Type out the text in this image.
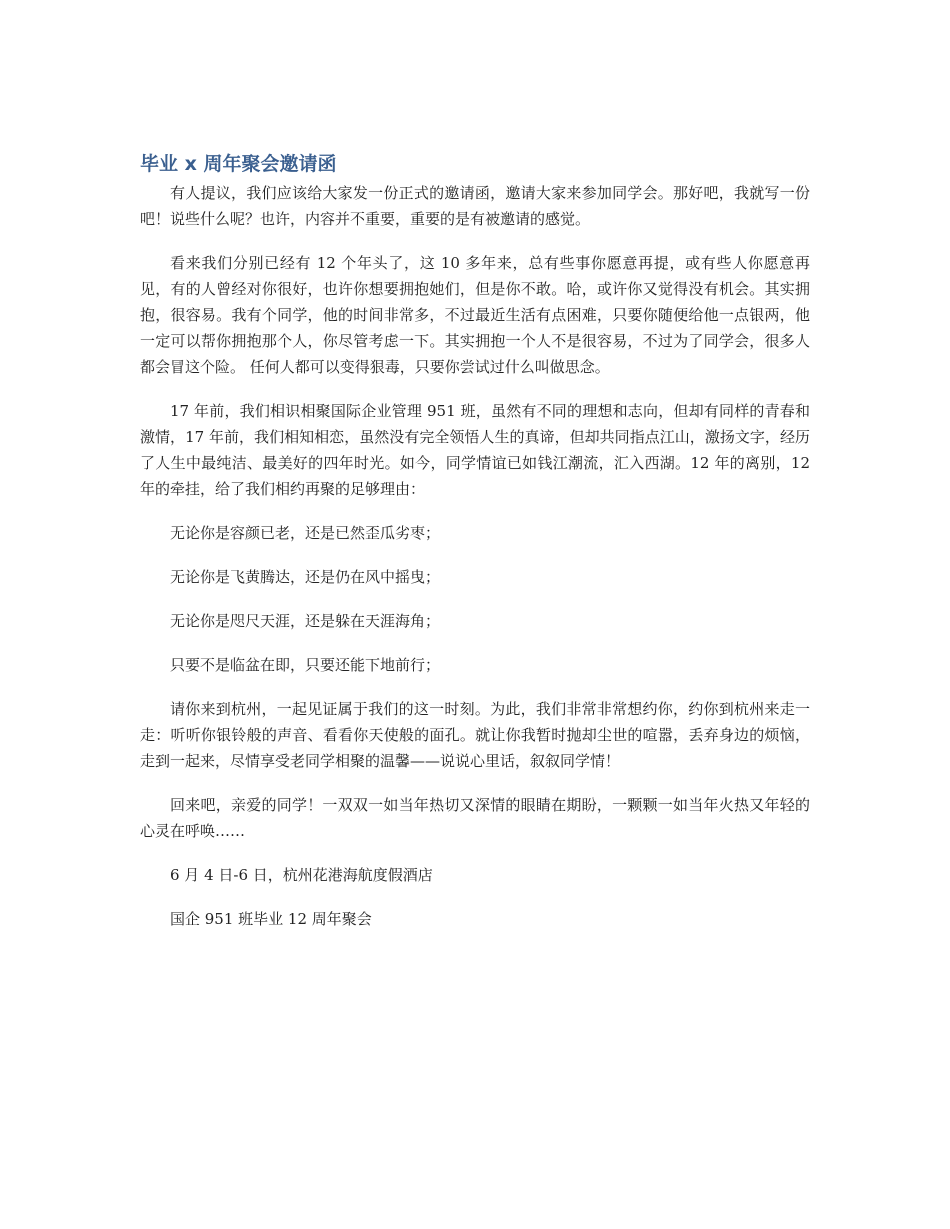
毕业 x 周年聚会邀请函

有人提议，我们应该给大家发一份正式的邀请函，邀请大家来参加同学会。那好吧，我就写一份吧！说些什么呢？也许，内容并不重要，重要的是有被邀请的感觉。

看来我们分别已经有 12 个年头了，这 10 多年来，总有些事你愿意再提，或有些人你愿意再见，有的人曾经对你很好，也许你想要拥抱她们，但是你不敢。哈，或许你又觉得没有机会。其实拥抱，很容易。我有个同学，他的时间非常多，不过最近生活有点困难，只要你随便给他一点银两，他一定可以帮你拥抱那个人，你尽管考虑一下。其实拥抱一个人不是很容易，不过为了同学会，很多人都会冒这个险。 任何人都可以变得狠毒，只要你尝试过什么叫做思念。

17 年前，我们相识相聚国际企业管理 951 班，虽然有不同的理想和志向，但却有同样的青春和激情，17 年前，我们相知相恋，虽然没有完全领悟人生的真谛，但却共同指点江山，激扬文字，经历了人生中最纯洁、最美好的四年时光。如今，同学情谊已如钱江潮流，汇入西湖。12 年的离别，12 年的牵挂，给了我们相约再聚的足够理由：

无论你是容颜已老，还是已然歪瓜劣枣；

无论你是飞黄腾达，还是仍在风中摇曳；

无论你是咫尺天涯，还是躲在天涯海角；

只要不是临盆在即，只要还能下地前行；

请你来到杭州，一起见证属于我们的这一时刻。为此，我们非常非常想约你，约你到杭州来走一走：听听你银铃般的声音、看看你天使般的面孔。就让你我暂时抛却尘世的喧嚣，丢弃身边的烦恼，走到一起来，尽情享受老同学相聚的温馨——说说心里话，叙叙同学情！

回来吧，亲爱的同学！一双双一如当年热切又深情的眼睛在期盼，一颗颗一如当年火热又年轻的心灵在呼唤……

6 月 4 日-6 日，杭州花港海航度假酒店

国企 951 班毕业 12 周年聚会
